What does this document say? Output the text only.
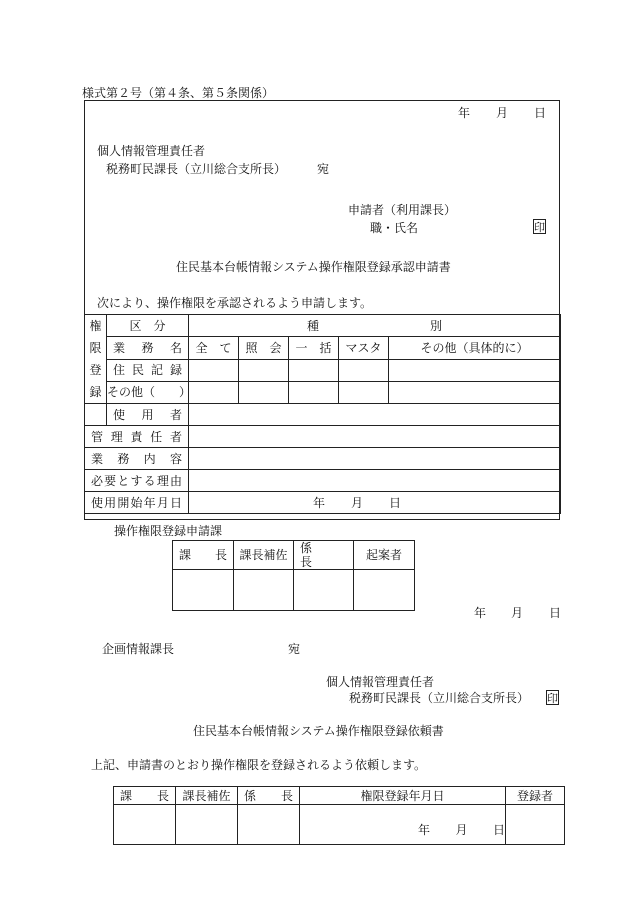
様式第２号（第４条、第５条関係）
年 月 日
個人情報管理責任者
税務町民課長（立川総合支所長）	宛
申請者（利用課長）
職・氏名	印
住民基本台帳情報システム操作権限登録承認申請書
次により、操作権限を承認されるよう申請します。
権
限
登
録	区　分	種 別				

	業　務　名	全　て	照　会	一　括	マスタ	その他（具体的に）
	住民記録					
	その他（　　）					
	使　用　者					
管理責任者						
業務内容						
必要とする理由						
使用開始年月日		年 月 日				
操作権限登録申請課
課　　長	課長補佐	係　　長	起案者

年 月 日
企画情報課長	宛
個人情報管理責任者
税務町民課長（立川総合支所長） 印
住民基本台帳情報システム操作権限登録依頼書
上記、申請書のとおり操作権限を登録されるよう依頼します。
課　　長	課長補佐	係　　長	権限登録年月日	登録者

			年 月 日	
